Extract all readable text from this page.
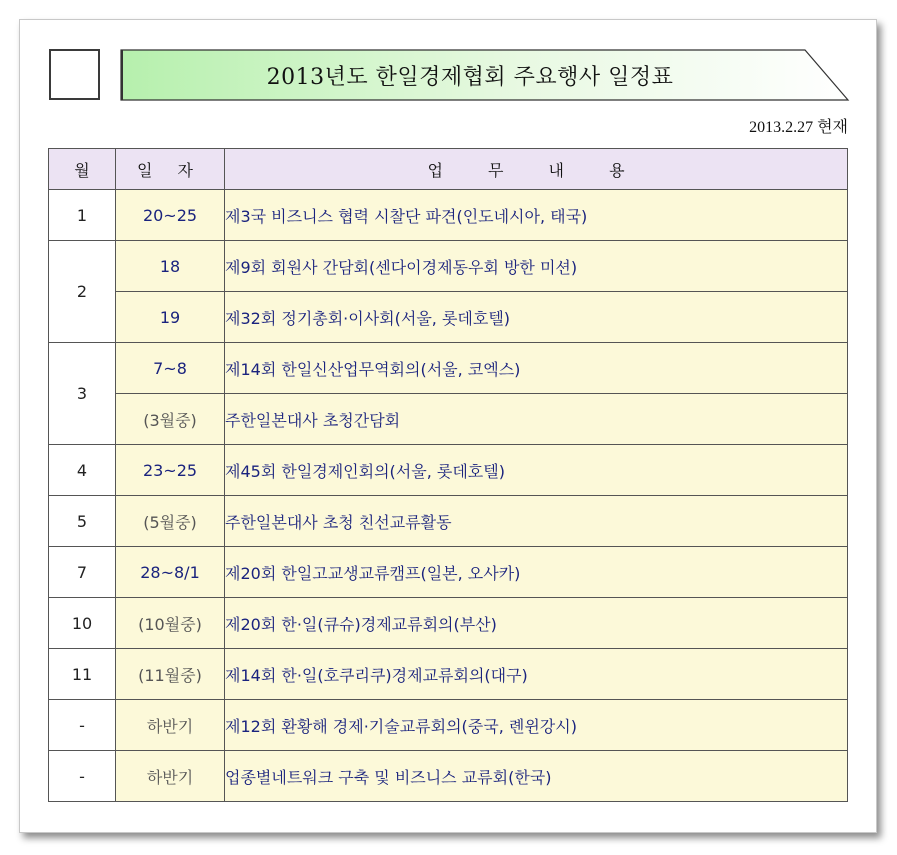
2013년도 한일경제협회 주요행사 일정표
2013.2.27 현재
월	일 자	업 무 내 용
1	20~25	제3국 비즈니스 협력 시찰단 파견(인도네시아, 태국)
2	18	제9회 회원사 간담회(센다이경제동우회 방한 미션)
	19	제32회 정기총회·이사회(서울, 롯데호텔)
3	7~8	제14회 한일신산업무역회의(서울, 코엑스)
	(3월중)	주한일본대사 초청간담회
4	23~25	제45회 한일경제인회의(서울, 롯데호텔)
5	(5월중)	주한일본대사 초청 친선교류활동
7	28~8/1	제20회 한일고교생교류캠프(일본, 오사카)
10	(10월중)	제20회 한·일(큐슈)경제교류회의(부산)
11	(11월중)	제14회 한·일(호쿠리쿠)경제교류회의(대구)
-	하반기	제12회 환황해 경제·기술교류회의(중국, 롄윈강시)
-	하반기	업종별네트워크 구축 및 비즈니스 교류회(한국)
